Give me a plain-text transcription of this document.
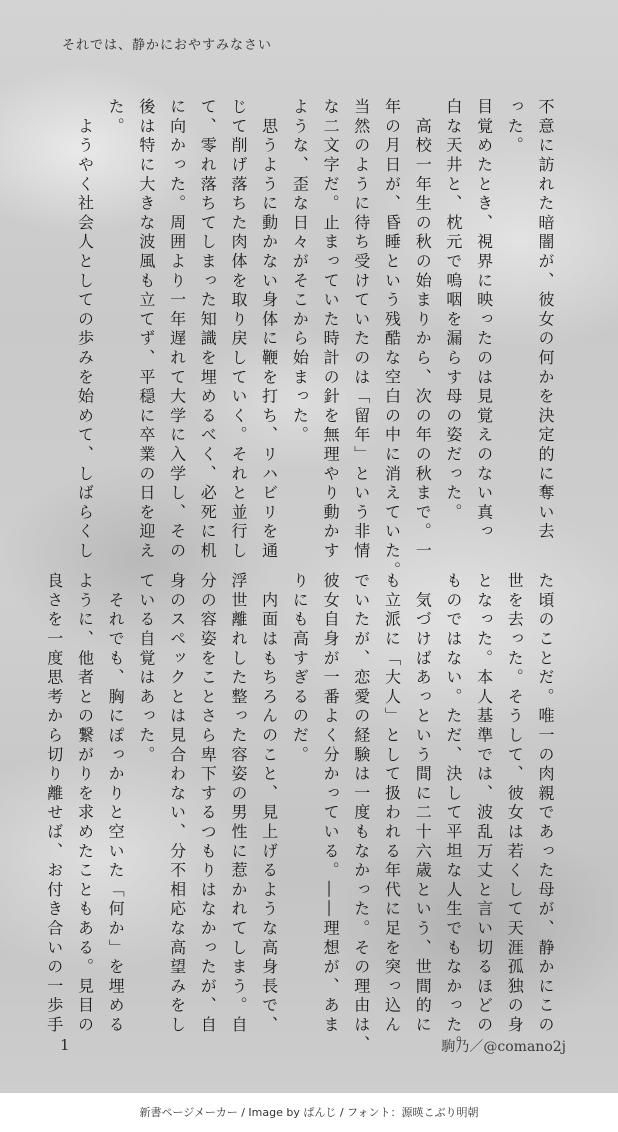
それでは、静かにおやすみなさい
不意に訪れた暗闇が、彼女の何かを決定的に奪い去
った。
目覚めたとき、視界に映ったのは見覚えのない真っ
白な天井と、枕元で嗚咽を漏らす母の姿だった。
　高校一年生の秋の始まりから、次の年の秋まで。一
年の月日が、昏睡という残酷な空白の中に消えていた。
当然のように待ち受けていたのは「留年」という非情
な二文字だ。止まっていた時計の針を無理やり動かす
ような、歪な日々がそこから始まった。
　思うように動かない身体に鞭を打ち、リハビリを通
じて削げ落ちた肉体を取り戻していく。それと並行し
て、零れ落ちてしまった知識を埋めるべく、必死に机
に向かった。周囲より一年遅れて大学に入学し、その
後は特に大きな波風も立てず、平穏に卒業の日を迎え
た。
　ようやく社会人としての歩みを始めて、しばらくし
た頃のことだ。唯一の肉親であった母が、静かにこの
世を去った。そうして、彼女は若くして天涯孤独の身
となった。本人基準では、波乱万丈と言い切るほどの
ものではない。ただ、決して平坦な人生でもなかった。
　気づけばあっという間に二十六歳という、世間的に
も立派に「大人」として扱われる年代に足を突っ込ん
でいたが、恋愛の経験は一度もなかった。その理由は、
彼女自身が一番よく分かっている。――理想が、あま
りにも高すぎるのだ。
　内面はもちろんのこと、見上げるような高身長で、
浮世離れした整った容姿の男性に惹かれてしまう。自
分の容姿をことさら卑下するつもりはなかったが、自
身のスペックとは見合わない、分不相応な高望みをし
ている自覚はあった。
　それでも、胸にぽっかりと空いた「何か」を埋める
ように、他者との繋がりを求めたこともある。見目の
良さを一度思考から切り離せば、お付き合いの一歩手
1	駒乃／@comano2j
新書ページメーカー / Image by ぱんじ / フォント：源暎こぶり明朝
